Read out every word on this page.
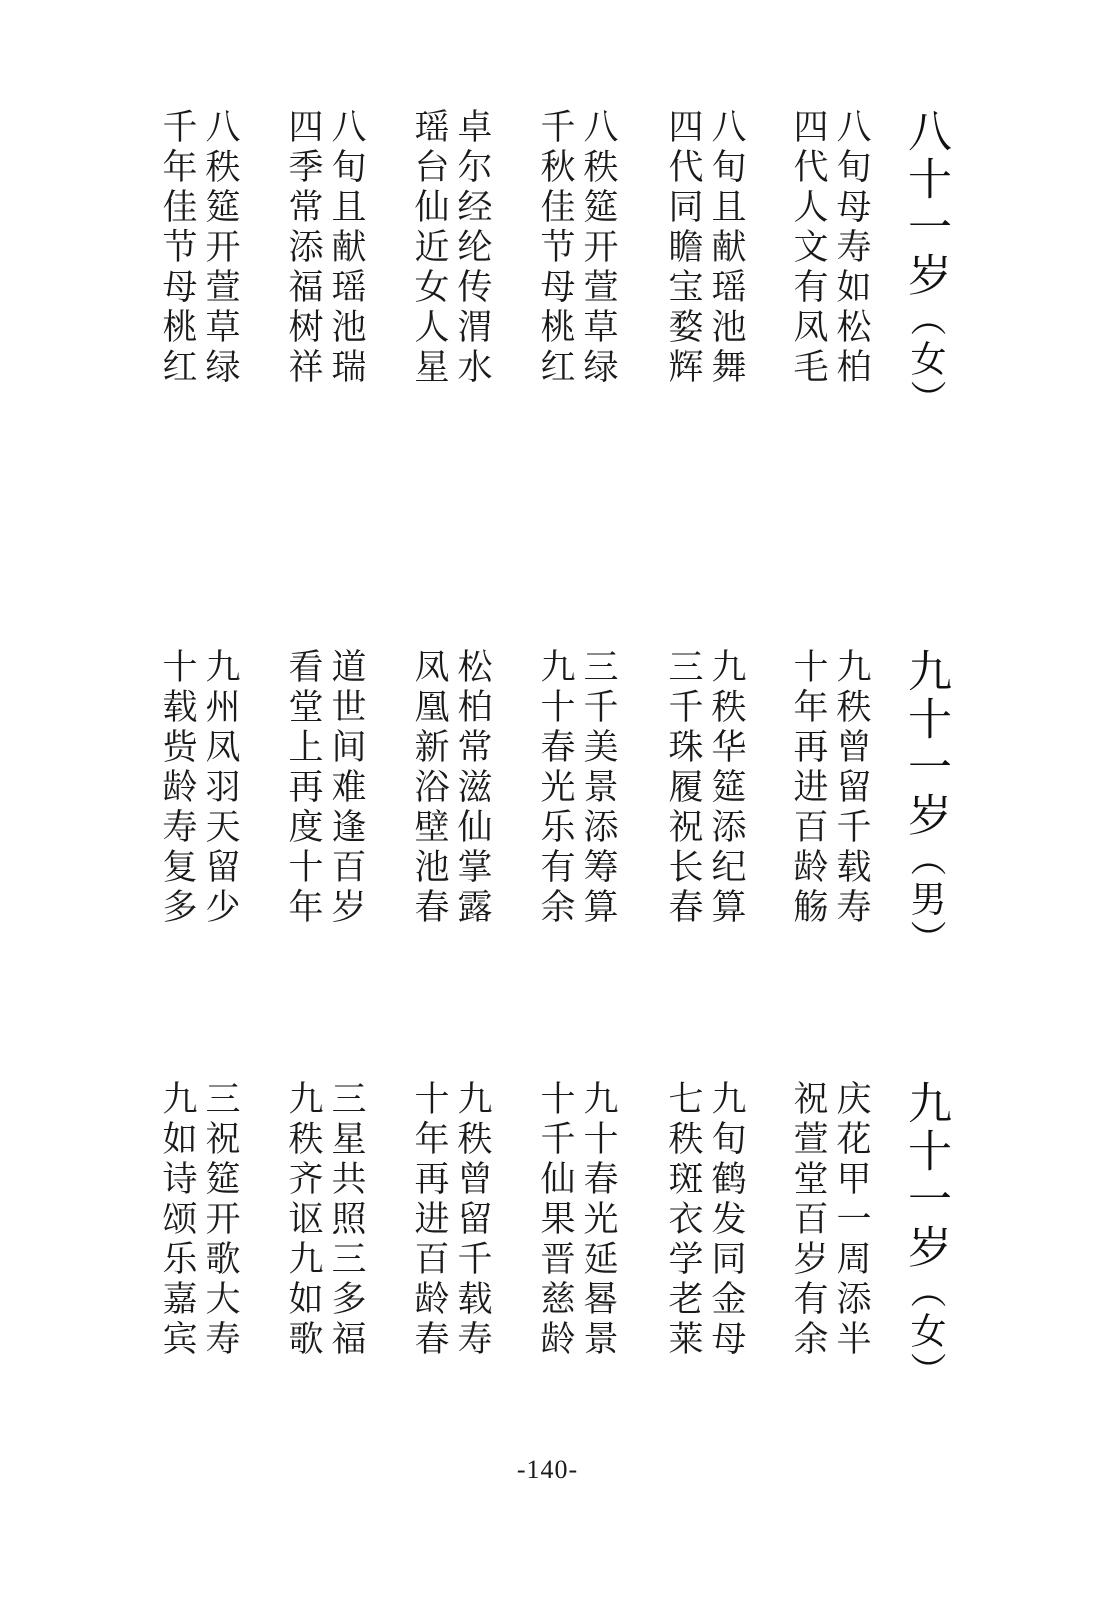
八十一岁（女）
八旬母寿如松柏
四代人文有凤毛
八旬且献瑶池舞
四代同瞻宝婺辉
八秩筵开萱草绿
千秋佳节母桃红
卓尔经纶传渭水
瑶台仙近女人星
八旬且献瑶池瑞
四季常添福树祥
八秩筵开萱草绿
千年佳节母桃红
九十一岁（男）
九秩曾留千载寿
十年再进百龄觞
九秩华筵添纪算
三千珠履祝长春
三千美景添筹算
九十春光乐有余
松柏常滋仙掌露
凤凰新浴壁池春
道世间难逢百岁
看堂上再度十年
九州凤羽天留少
十载赀龄寿复多
九十一岁（女）
庆花甲一周添半
祝萱堂百岁有余
九旬鹤发同金母
七秩斑衣学老莱
九十春光延晷景
十千仙果晋慈龄
九秩曾留千载寿
十年再进百龄春
三星共照三多福
九秩齐讴九如歌
三祝筵开歌大寿
九如诗颂乐嘉宾
-140-
